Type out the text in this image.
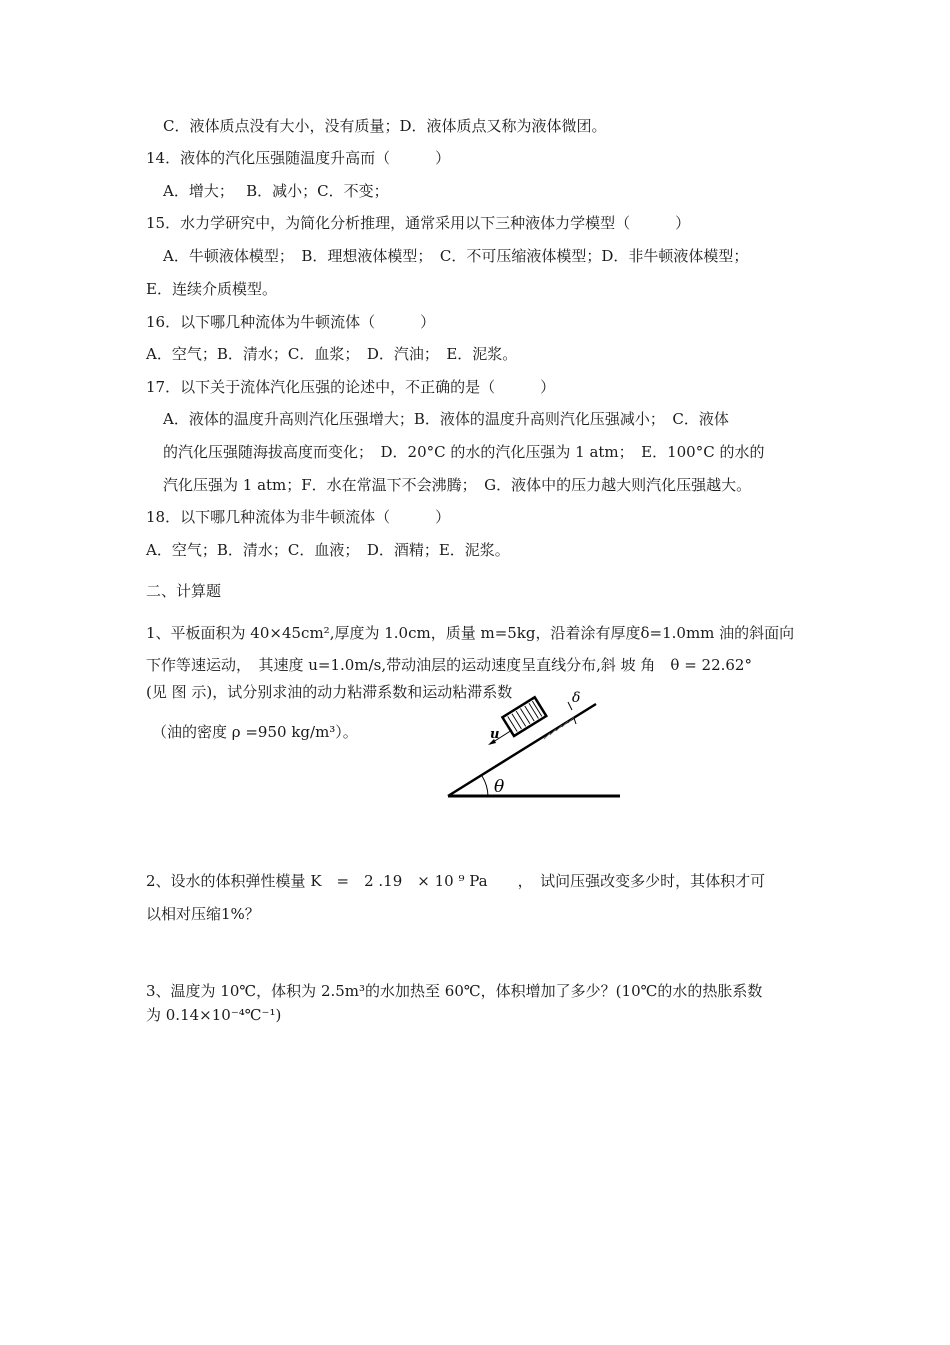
C．液体质点没有大小，没有质量；D．液体质点又称为液体微团。
14．液体的汽化压强随温度升高而（　　　）
A．增大；　 B．减小；C．不变；
15．水力学研究中，为简化分析推理，通常采用以下三种液体力学模型（　　　）
A．牛顿液体模型；　B．理想液体模型；　C．不可压缩液体模型；D．非牛顿液体模型；
E．连续介质模型。
16．以下哪几种流体为牛顿流体（　　　）
A．空气；B．清水；C．血浆；　D．汽油；　E．泥浆。
17．以下关于流体汽化压强的论述中，不正确的是（　　　）
A．液体的温度升高则汽化压强增大；B．液体的温度升高则汽化压强减小；　C．液体
的汽化压强随海拔高度而变化；　D．20°C 的水的汽化压强为 1 atm；　E．100°C 的水的
汽化压强为 1 atm；F．水在常温下不会沸腾；　G．液体中的压力越大则汽化压强越大。
18．以下哪几种流体为非牛顿流体（　　　）
A．空气；B．清水；C．血液；　D．酒精；E．泥浆。
二、计算题
1、平板面积为 40×45cm²,厚度为 1.0cm，质量 m=5kg，沿着涂有厚度δ=1.0mm 油的斜面向
下作等速运动，　其速度 u=1.0m/s,带动油层的运动速度呈直线分布,斜 坡 角　θ = 22.62°
(见 图 示)，试分别求油的动力粘滞系数和运动粘滞系数
（油的密度 ρ =950 kg/m³）。
δ
u
θ
2、设水的体积弹性模量 K　=　2 .19　× 10 ⁹ Pa　　，　试问压强改变多少时，其体积才可
以相对压缩1%？
3、温度为 10℃，体积为 2.5m³的水加热至 60℃，体积增加了多少？(10℃的水的热胀系数
为 0.14×10⁻⁴℃⁻¹)
